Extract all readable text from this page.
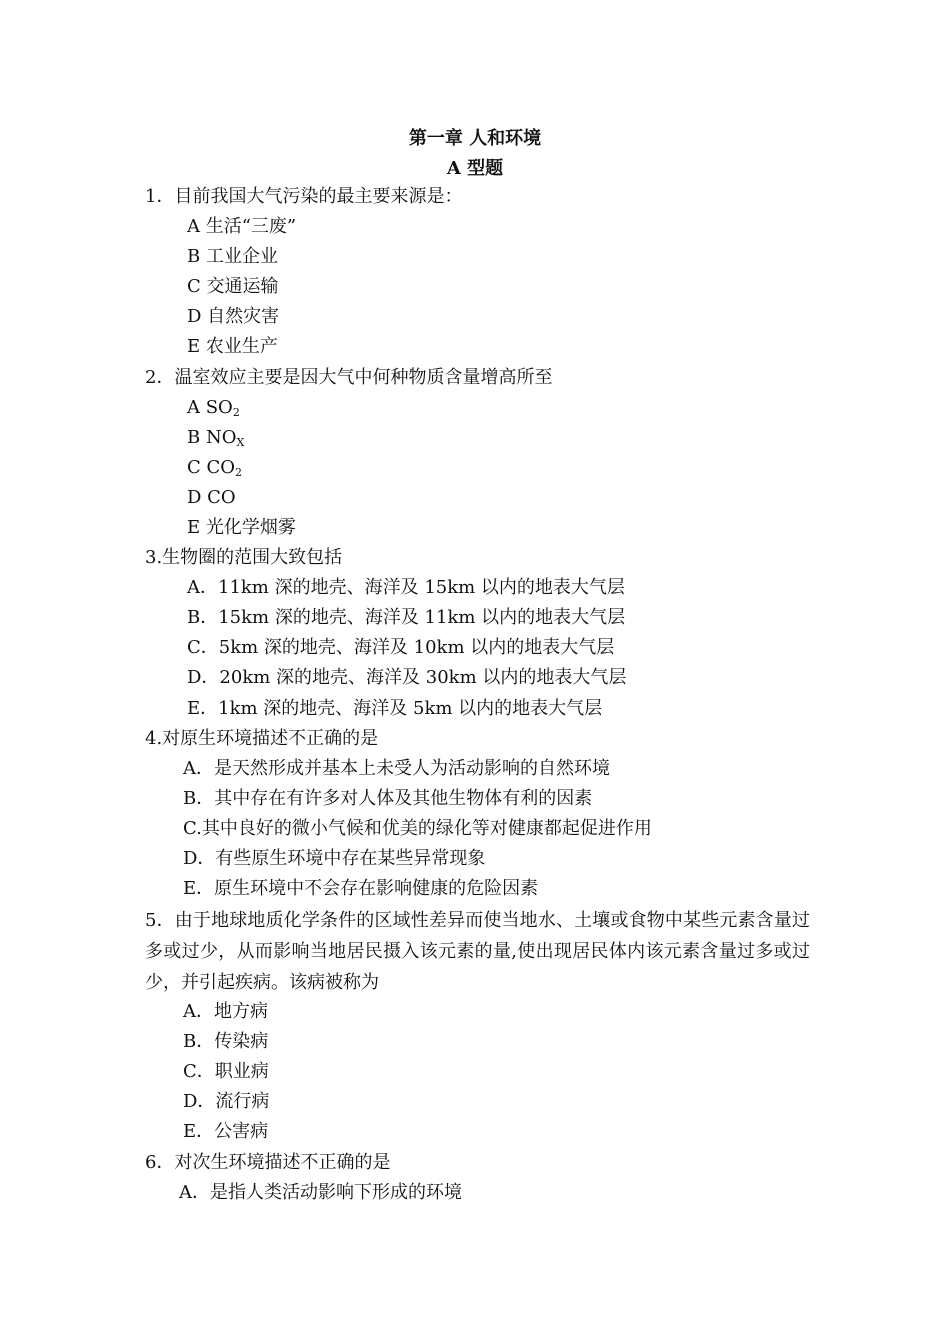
第一章 人和环境
A 型题
1．目前我国大气污染的最主要来源是：
A 生活“三废”
B 工业企业
C 交通运输
D 自然灾害
E 农业生产
2．温室效应主要是因大气中何种物质含量增高所至
A $SO_2$
B $NO_X$
C $CO_2$
D CO
E 光化学烟雾
3.生物圈的范围大致包括
A．11km 深的地壳、海洋及 15km 以内的地表大气层
B．15km 深的地壳、海洋及 11km 以内的地表大气层
C．5km 深的地壳、海洋及 10km 以内的地表大气层
D．20km 深的地壳、海洋及 30km 以内的地表大气层
E．1km 深的地壳、海洋及 5km 以内的地表大气层
4.对原生环境描述不正确的是
A．是天然形成并基本上未受人为活动影响的自然环境
B．其中存在有许多对人体及其他生物体有利的因素
C.其中良好的微小气候和优美的绿化等对健康都起促进作用
D．有些原生环境中存在某些异常现象
E．原生环境中不会存在影响健康的危险因素
5．由于地球地质化学条件的区域性差异而使当地水、土壤或食物中某些元素含量过多或过少，从而影响当地居民摄入该元素的量,使出现居民体内该元素含量过多或过少，并引起疾病。该病被称为
A．地方病
B．传染病
C．职业病
D．流行病
E．公害病
6．对次生环境描述不正确的是
A．是指人类活动影响下形成的环境
